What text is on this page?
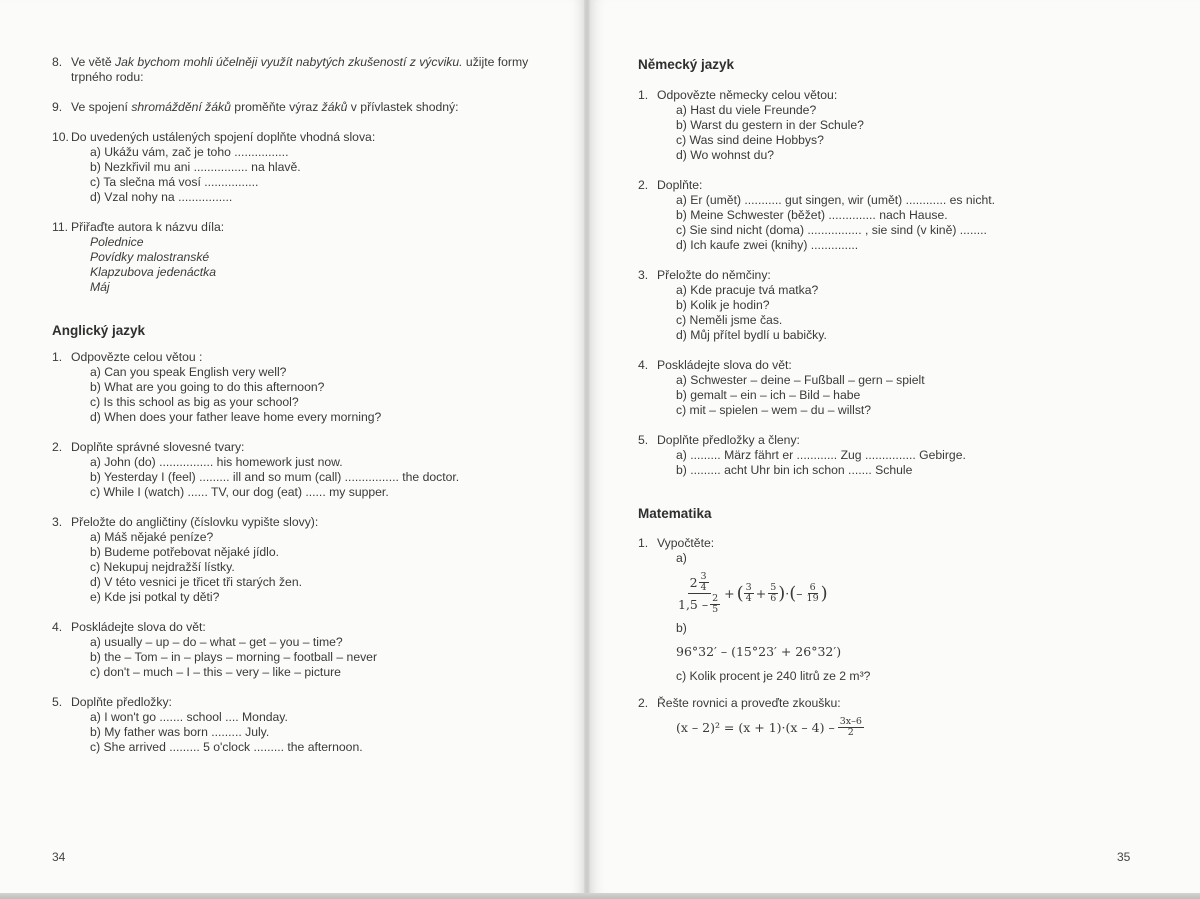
8. Ve větě Jak bychom mohli účelněji využít nabytých zkušeností z výcviku. užijte formy
trpného rodu:
9. Ve spojení shromáždění žáků proměňte výraz žáků v přívlastek shodný:
10. Do uvedených ustálených spojení doplňte vhodná slova:
a) Ukážu vám, zač je toho ................
b) Nezkřivil mu ani ................ na hlavě.
c) Ta slečna má vosí ................
d) Vzal nohy na ................
11. Přiřaďte autora k názvu díla:
Polednice
Povídky malostranské
Klapzubova jedenáctka
Máj
Anglický jazyk
1. Odpovězte celou větou :
a) Can you speak English very well?
b) What are you going to do this afternoon?
c) Is this school as big as your school?
d) When does your father leave home every morning?
2. Doplňte správné slovesné tvary:
a) John (do) ................ his homework just now.
b) Yesterday I (feel) ......... ill and so mum (call) ................ the doctor.
c) While I (watch) ...... TV, our dog (eat) ...... my supper.
3. Přeložte do angličtiny (číslovku vypište slovy):
a) Máš nějaké peníze?
b) Budeme potřebovat nějaké jídlo.
c) Nekupuj nejdražší lístky.
d) V této vesnici je třicet tři starých žen.
e) Kde jsi potkal ty děti?
4. Poskládejte slova do vět:
a) usually – up – do – what – get – you – time?
b) the – Tom – in – plays – morning – football – never
c) don't – much – I – this – very – like – picture
5. Doplňte předložky:
a) I won't go ....... school .... Monday.
b) My father was born ......... July.
c) She arrived ......... 5 o'clock ......... the afternoon.
34
Německý jazyk
1. Odpovězte německy celou větou:
a) Hast du viele Freunde?
b) Warst du gestern in der Schule?
c) Was sind deine Hobbys?
d) Wo wohnst du?
2. Doplňte:
a) Er (umět) ........... gut singen, wir (umět) ............ es nicht.
b) Meine Schwester (běžet) .............. nach Hause.
c) Sie sind nicht (doma) ................ , sie sind (v kině) ........
d) Ich kaufe zwei (knihy) ..............
3. Přeložte do němčiny:
a) Kde pracuje tvá matka?
b) Kolik je hodin?
c) Neměli jsme čas.
d) Můj přítel bydlí u babičky.
4. Poskládejte slova do vět:
a) Schwester – deine – Fußball – gern – spielt
b) gemalt – ein – ich – Bild – habe
c) mit – spielen – wem – du – willst?
5. Doplňte předložky a členy:
a) ......... März fährt er ............ Zug ............... Gebirge.
b) ......... acht Uhr bin ich schon ....... Schule
Matematika
1. Vypočtěte:
a)
$\frac{2 \frac{3}{4}}{1,5 - \frac{2}{5}}$ + ( $\frac{3}{4} + \frac{5}{6}$ ) · ( – $\frac{6}{19}$ )
b)
96°32′ – (15°23′ + 26°32′)
c) Kolik procent je 240 litrů ze 2 m³?
2. Řešte rovnici a proveďte zkoušku:
$(x - 2)^2 = (x + 1)\cdot(x - 4) - \frac{3x-6}{2}$
35
